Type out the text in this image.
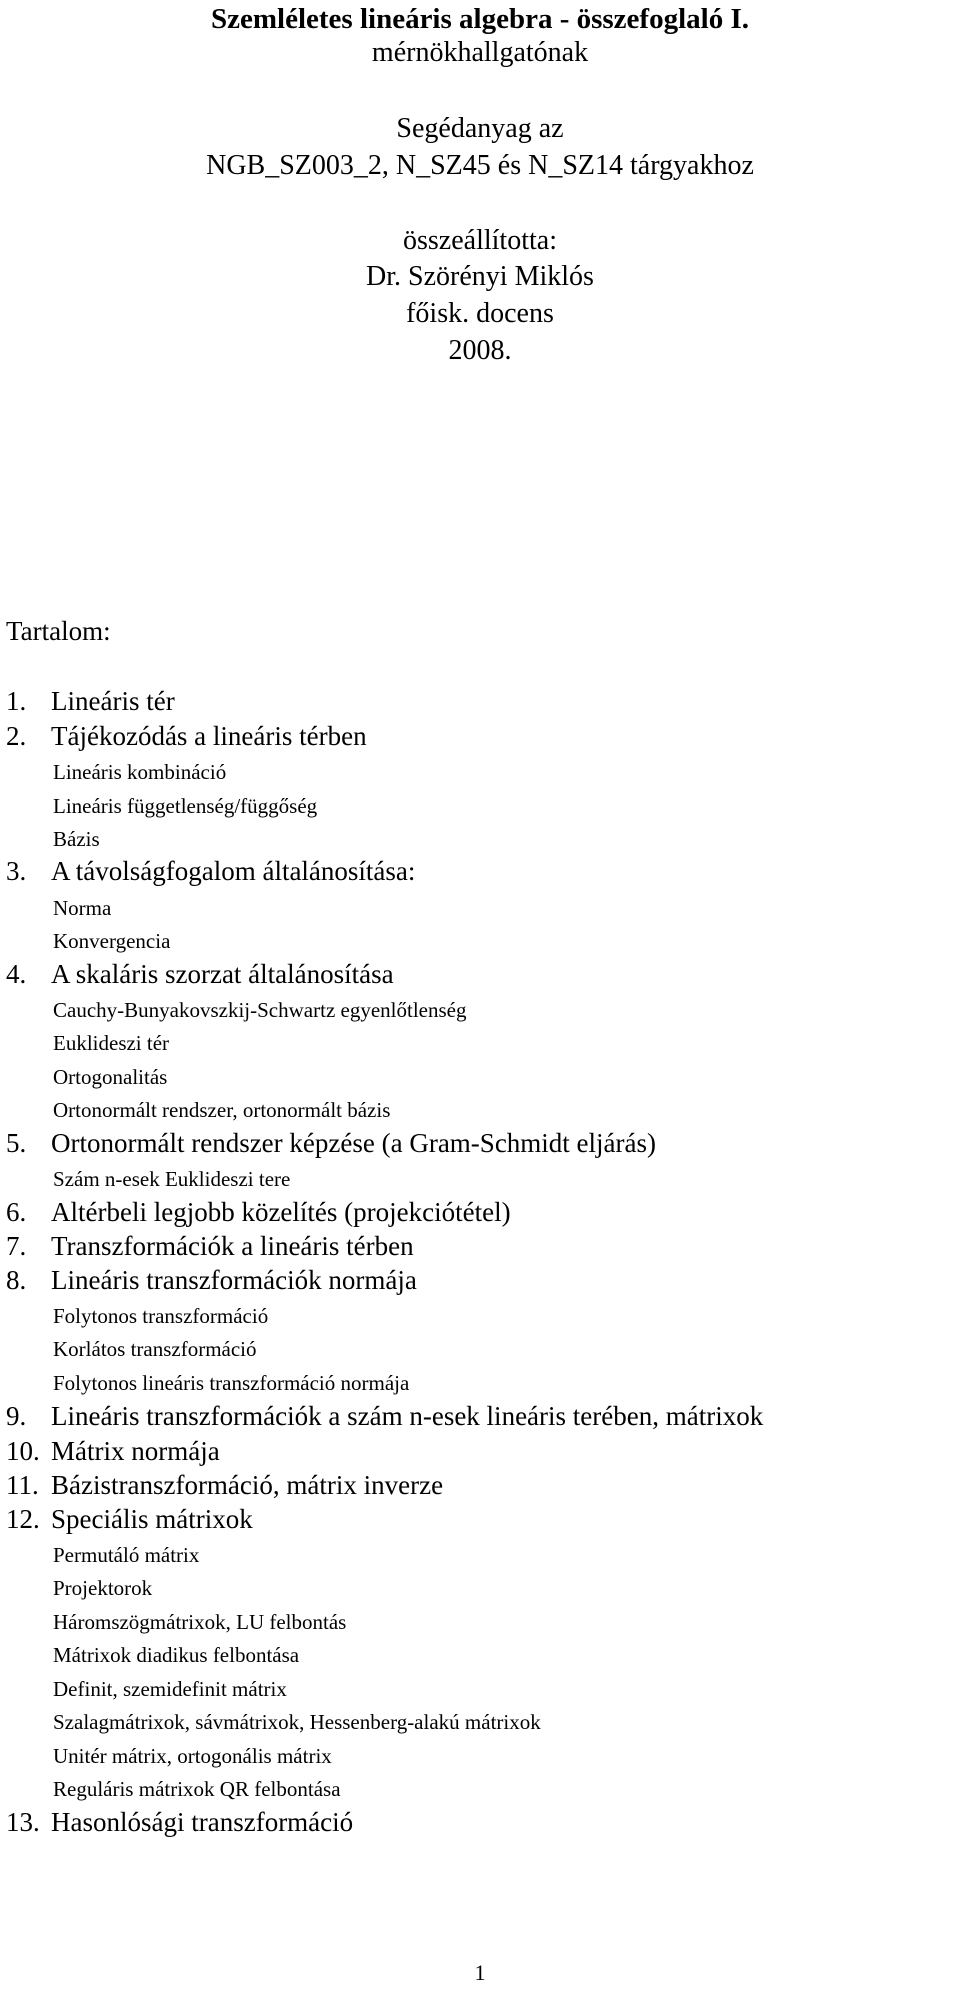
Szemléletes lineáris algebra - összefoglaló I.
mérnökhallgatónak
Segédanyag az
NGB_SZ003_2, N_SZ45 és N_SZ14 tárgyakhoz
összeállította:
Dr. Szörényi Miklós
főisk. docens
2008.
Tartalom:
1. Lineáris tér
2. Tájékozódás a lineáris térben
Lineáris kombináció
Lineáris függetlenség/függőség
Bázis
3. A távolságfogalom általánosítása:
Norma
Konvergencia
4. A skaláris szorzat általánosítása
Cauchy-Bunyakovszkij-Schwartz egyenlőtlenség
Euklideszi tér
Ortogonalitás
Ortonormált rendszer, ortonormált bázis
5. Ortonormált rendszer képzése (a Gram-Schmidt eljárás)
Szám n-esek Euklideszi tere
6. Altérbeli legjobb közelítés (projekciótétel)
7. Transzformációk a lineáris térben
8. Lineáris transzformációk normája
Folytonos transzformáció
Korlátos transzformáció
Folytonos lineáris transzformáció normája
9. Lineáris transzformációk a szám n-esek lineáris terében, mátrixok
10. Mátrix normája
11. Bázistranszformáció, mátrix inverze
12. Speciális mátrixok
Permutáló mátrix
Projektorok
Háromszögmátrixok, LU felbontás
Mátrixok diadikus felbontása
Definit, szemidefinit mátrix
Szalagmátrixok, sávmátrixok, Hessenberg-alakú mátrixok
Unitér mátrix, ortogonális mátrix
Reguláris mátrixok QR felbontása
13. Hasonlósági transzformáció
1
